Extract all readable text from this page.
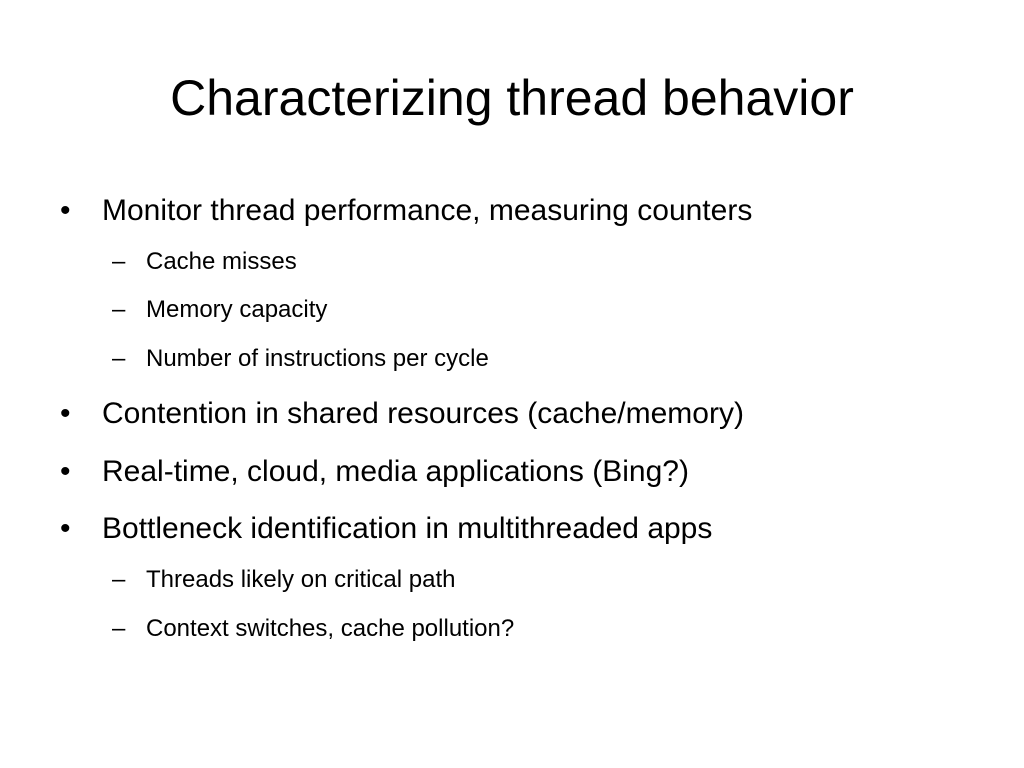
Characterizing thread behavior
•	Monitor thread performance, measuring counters
– Cache misses
– Memory capacity
– Number of instructions per cycle
•	Contention in shared resources (cache/memory)
•	Real-time, cloud, media applications (Bing?)
•	Bottleneck identification in multithreaded apps
– Threads likely on critical path
– Context switches, cache pollution?
